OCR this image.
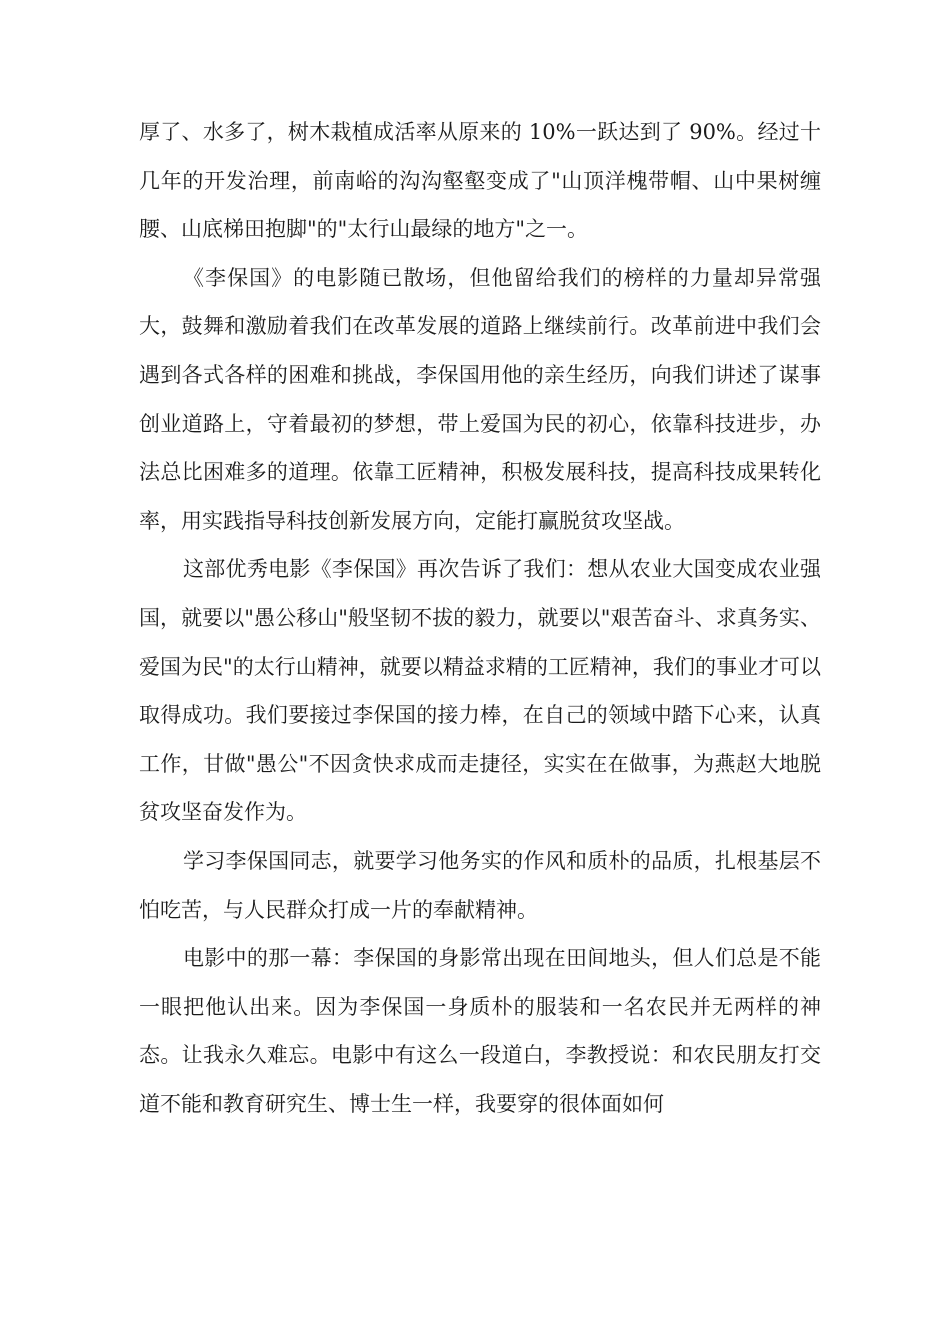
厚了、水多了，树木栽植成活率从原来的 10%一跃达到了 90%。经过十几年的开发治理，前南峪的沟沟壑壑变成了"山顶洋槐带帽、山中果树缠腰、山底梯田抱脚"的"太行山最绿的地方"之一。

《李保国》的电影随已散场，但他留给我们的榜样的力量却异常强大，鼓舞和激励着我们在改革发展的道路上继续前行。改革前进中我们会遇到各式各样的困难和挑战，李保国用他的亲生经历，向我们讲述了谋事创业道路上，守着最初的梦想，带上爱国为民的初心，依靠科技进步，办法总比困难多的道理。依靠工匠精神，积极发展科技，提高科技成果转化率，用实践指导科技创新发展方向，定能打赢脱贫攻坚战。

这部优秀电影《李保国》再次告诉了我们：想从农业大国变成农业强国，就要以"愚公移山"般坚韧不拔的毅力，就要以"艰苦奋斗、求真务实、爱国为民"的太行山精神，就要以精益求精的工匠精神，我们的事业才可以取得成功。我们要接过李保国的接力棒，在自己的领域中踏下心来，认真工作，甘做"愚公"不因贪快求成而走捷径，实实在在做事，为燕赵大地脱贫攻坚奋发作为。

学习李保国同志，就要学习他务实的作风和质朴的品质，扎根基层不怕吃苦，与人民群众打成一片的奉献精神。

电影中的那一幕：李保国的身影常出现在田间地头，但人们总是不能一眼把他认出来。因为李保国一身质朴的服装和一名农民并无两样的神态。让我永久难忘。电影中有这么一段道白，李教授说：和农民朋友打交道不能和教育研究生、博士生一样，我要穿的很体面如何
